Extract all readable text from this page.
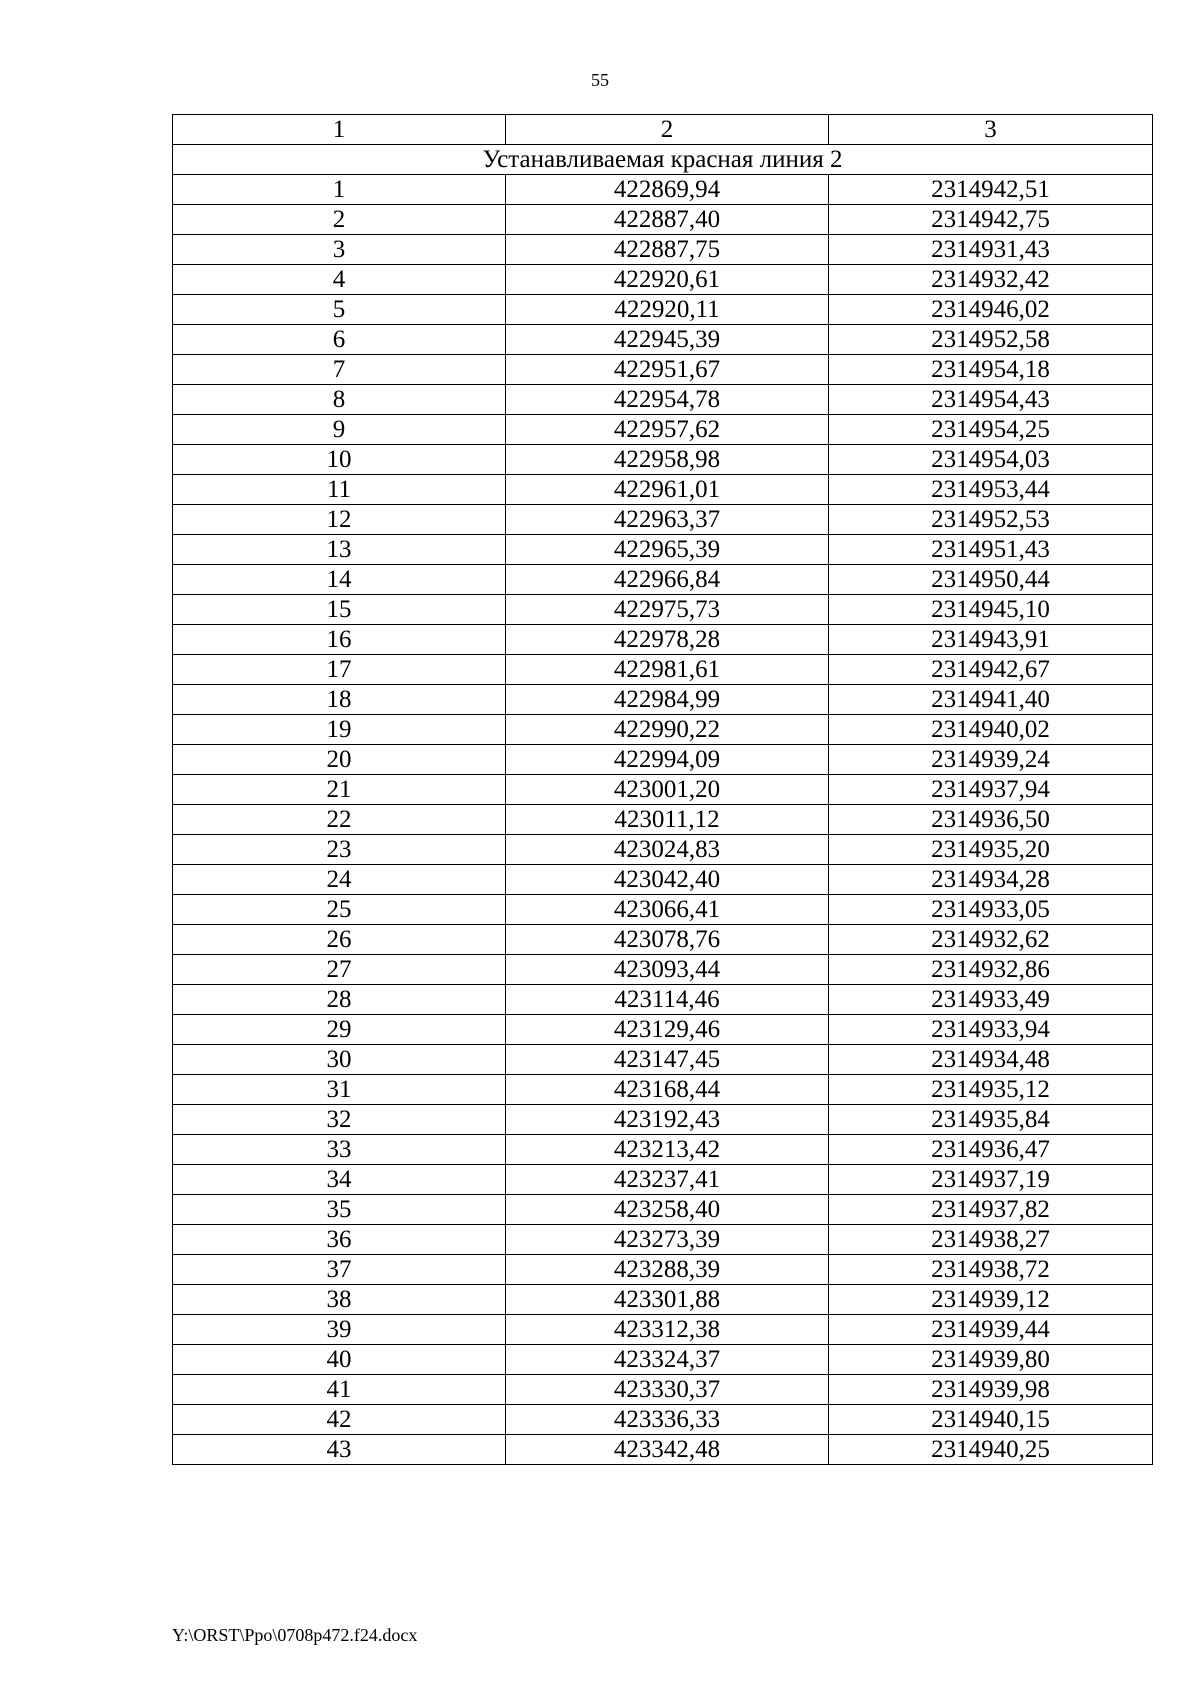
55
1	2	3
Устанавливаемая красная линия 2		
1	422869,94	2314942,51
2	422887,40	2314942,75
3	422887,75	2314931,43
4	422920,61	2314932,42
5	422920,11	2314946,02
6	422945,39	2314952,58
7	422951,67	2314954,18
8	422954,78	2314954,43
9	422957,62	2314954,25
10	422958,98	2314954,03
11	422961,01	2314953,44
12	422963,37	2314952,53
13	422965,39	2314951,43
14	422966,84	2314950,44
15	422975,73	2314945,10
16	422978,28	2314943,91
17	422981,61	2314942,67
18	422984,99	2314941,40
19	422990,22	2314940,02
20	422994,09	2314939,24
21	423001,20	2314937,94
22	423011,12	2314936,50
23	423024,83	2314935,20
24	423042,40	2314934,28
25	423066,41	2314933,05
26	423078,76	2314932,62
27	423093,44	2314932,86
28	423114,46	2314933,49
29	423129,46	2314933,94
30	423147,45	2314934,48
31	423168,44	2314935,12
32	423192,43	2314935,84
33	423213,42	2314936,47
34	423237,41	2314937,19
35	423258,40	2314937,82
36	423273,39	2314938,27
37	423288,39	2314938,72
38	423301,88	2314939,12
39	423312,38	2314939,44
40	423324,37	2314939,80
41	423330,37	2314939,98
42	423336,33	2314940,15
43	423342,48	2314940,25
Y:\ORST\Ppo\0708p472.f24.docx
